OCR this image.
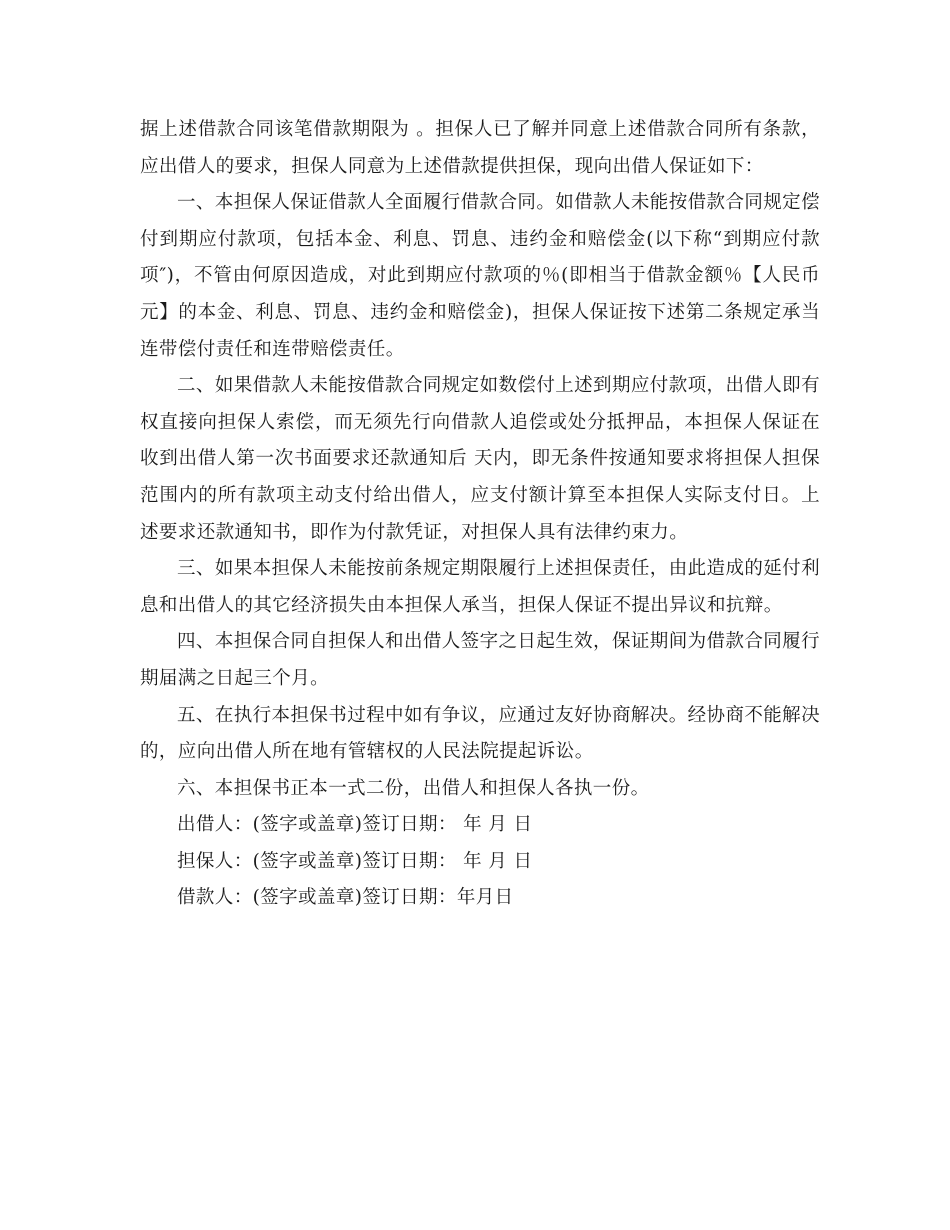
据上述借款合同该笔借款期限为 。担保人已了解并同意上述借款合同所有条款，应出借人的要求，担保人同意为上述借款提供担保，现向出借人保证如下：

一、本担保人保证借款人全面履行借款合同。如借款人未能按借款合同规定偿付到期应付款项，包括本金、利息、罚息、违约金和赔偿金(以下称“到期应付款项″)，不管由何原因造成，对此到期应付款项的％(即相当于借款金额％【人民币元】的本金、利息、罚息、违约金和赔偿金)，担保人保证按下述第二条规定承当连带偿付责任和连带赔偿责任。

二、如果借款人未能按借款合同规定如数偿付上述到期应付款项，出借人即有权直接向担保人索偿，而无须先行向借款人追偿或处分抵押品，本担保人保证在收到出借人第一次书面要求还款通知后 天内，即无条件按通知要求将担保人担保范围内的所有款项主动支付给出借人，应支付额计算至本担保人实际支付日。上述要求还款通知书，即作为付款凭证，对担保人具有法律约束力。

三、如果本担保人未能按前条规定期限履行上述担保责任，由此造成的延付利息和出借人的其它经济损失由本担保人承当，担保人保证不提出异议和抗辩。

四、本担保合同自担保人和出借人签字之日起生效，保证期间为借款合同履行期届满之日起三个月。

五、在执行本担保书过程中如有争议，应通过友好协商解决。经协商不能解决的，应向出借人所在地有管辖权的人民法院提起诉讼。

六、本担保书正本一式二份，出借人和担保人各执一份。

出借人：(签字或盖章)签订日期： 年 月 日

担保人：(签字或盖章)签订日期： 年 月 日

借款人：(签字或盖章)签订日期：年月日
